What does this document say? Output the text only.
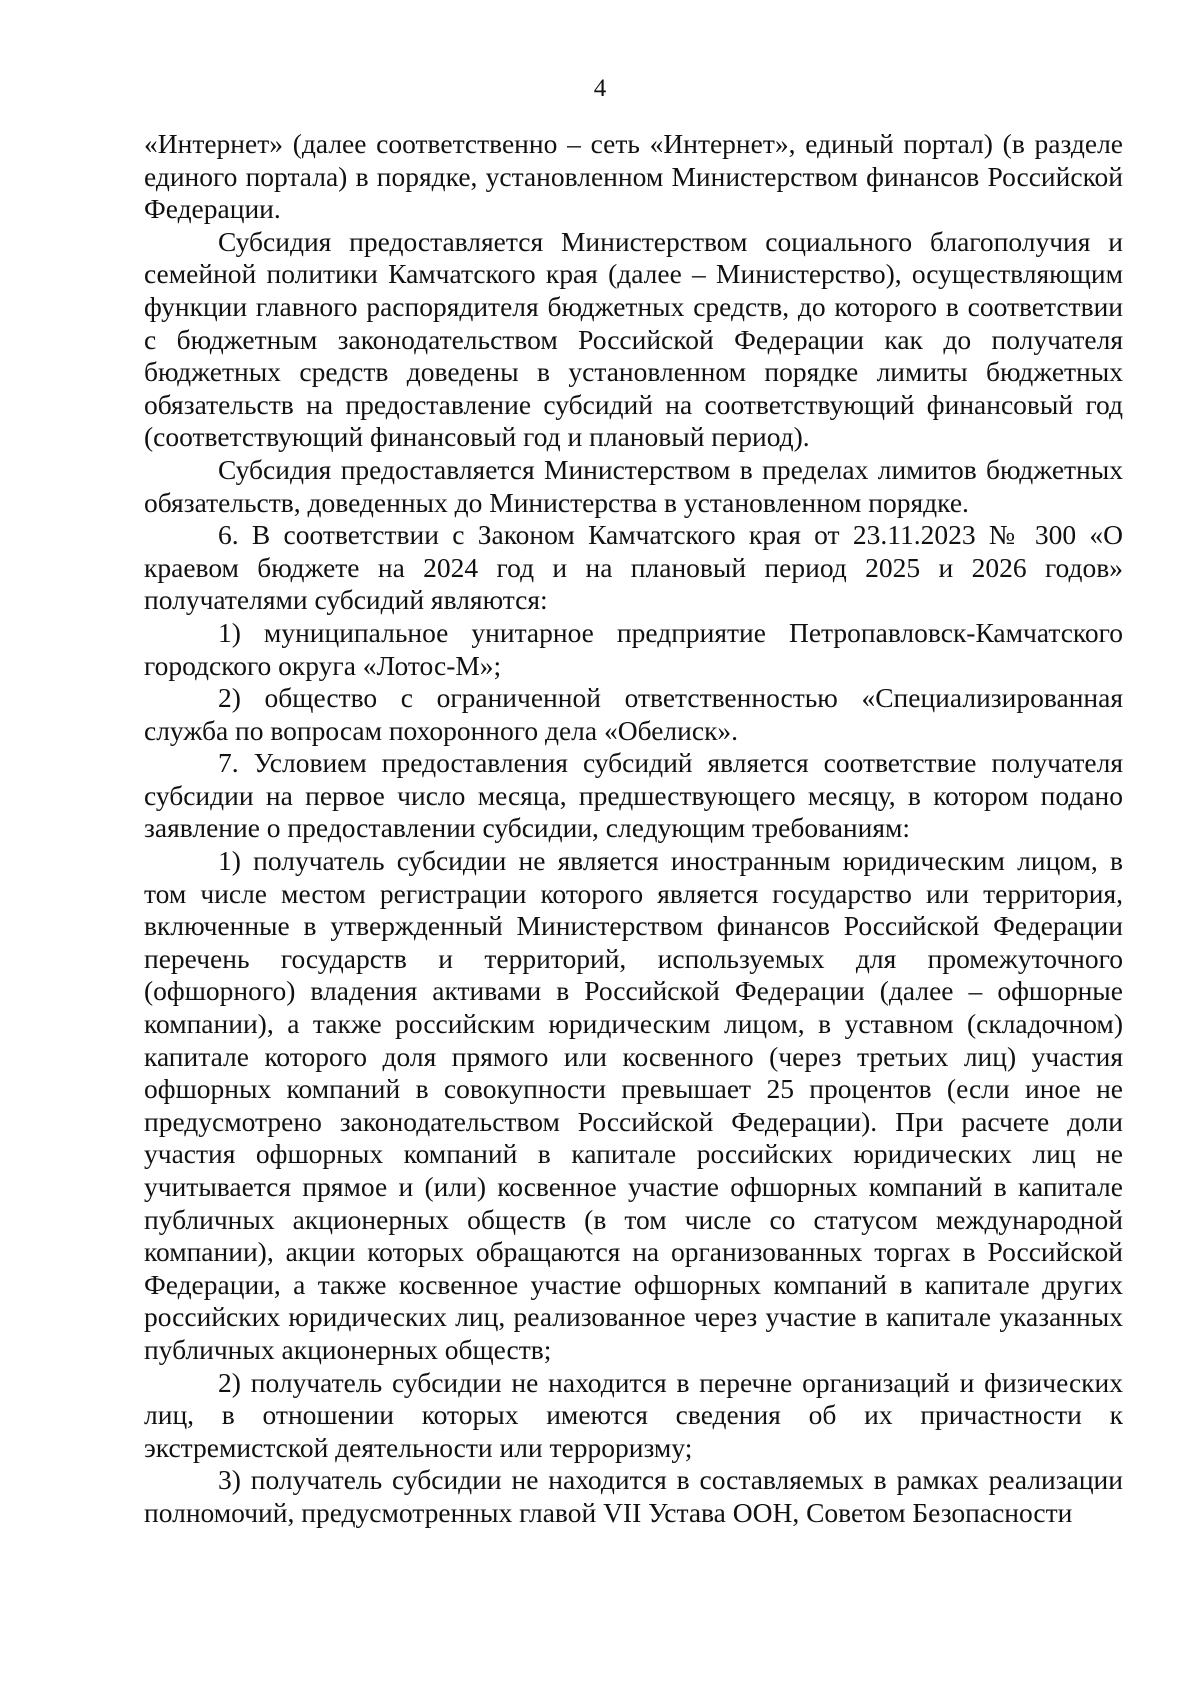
4

«Интернет» (далее соответственно – сеть «Интернет», единый портал) (в разделе единого портала) в порядке, установленном Министерством финансов Российской Федерации.

Субсидия предоставляется Министерством социального благополучия и семейной политики Камчатского края (далее – Министерство), осуществляющим функции главного распорядителя бюджетных средств, до которого в соответствии с бюджетным законодательством Российской Федерации как до получателя бюджетных средств доведены в установленном порядке лимиты бюджетных обязательств на предоставление субсидий на соответствующий финансовый год (соответствующий финансовый год и плановый период).

Субсидия предоставляется Министерством в пределах лимитов бюджетных обязательств, доведенных до Министерства в установленном порядке.

6. В соответствии с Законом Камчатского края от 23.11.2023 № 300 «О краевом бюджете на 2024 год и на плановый период 2025 и 2026 годов» получателями субсидий являются:

1) муниципальное унитарное предприятие Петропавловск-Камчатского городского округа «Лотос-М»;

2) общество с ограниченной ответственностью «Специализированная служба по вопросам похоронного дела «Обелиск».

7. Условием предоставления субсидий является соответствие получателя субсидии на первое число месяца, предшествующего месяцу, в котором подано заявление о предоставлении субсидии, следующим требованиям:

1) получатель субсидии не является иностранным юридическим лицом, в том числе местом регистрации которого является государство или территория, включенные в утвержденный Министерством финансов Российской Федерации перечень государств и территорий, используемых для промежуточного (офшорного) владения активами в Российской Федерации (далее – офшорные компании), а также российским юридическим лицом, в уставном (складочном) капитале которого доля прямого или косвенного (через третьих лиц) участия офшорных компаний в совокупности превышает 25 процентов (если иное не предусмотрено законодательством Российской Федерации). При расчете доли участия офшорных компаний в капитале российских юридических лиц не учитывается прямое и (или) косвенное участие офшорных компаний в капитале публичных акционерных обществ (в том числе со статусом международной компании), акции которых обращаются на организованных торгах в Российской Федерации, а также косвенное участие офшорных компаний в капитале других российских юридических лиц, реализованное через участие в капитале указанных публичных акционерных обществ;

2) получатель субсидии не находится в перечне организаций и физических лиц, в отношении которых имеются сведения об их причастности к экстремистской деятельности или терроризму;

3) получатель субсидии не находится в составляемых в рамках реализации полномочий, предусмотренных главой VII Устава ООН, Советом Безопасности
